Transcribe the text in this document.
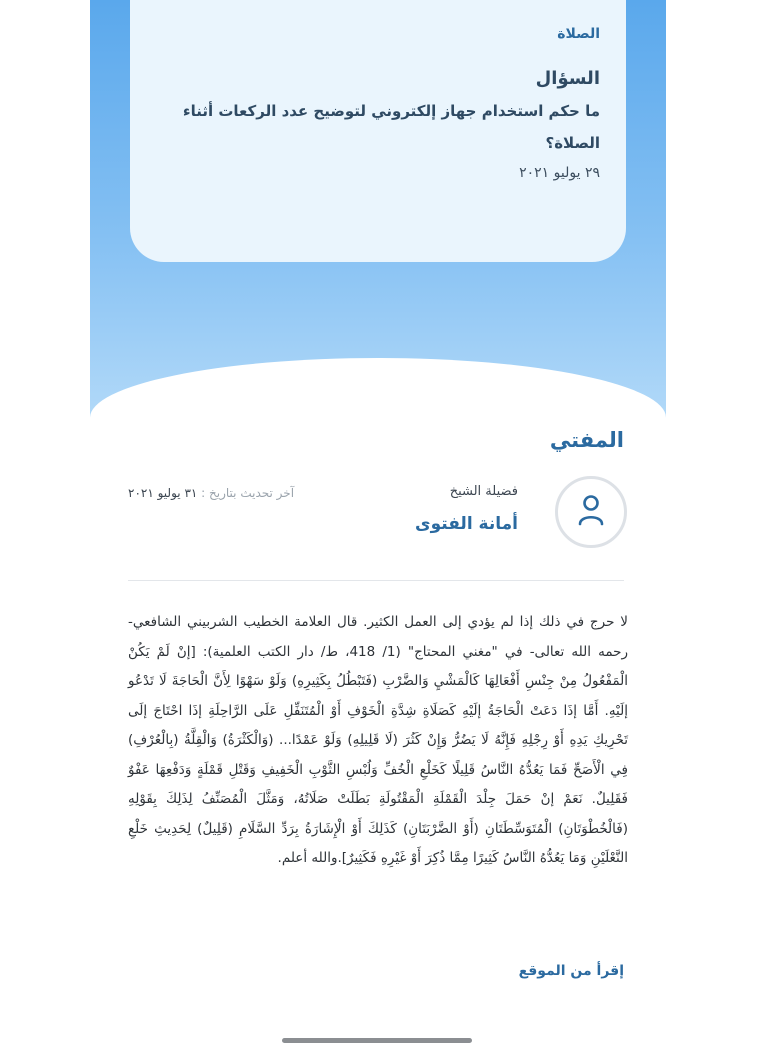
الصلاة
السؤال
ما حكم استخدام جهاز إلكتروني لتوضيح عدد الركعات أثناء الصلاة؟
٢٩ يوليو ٢٠٢١
المفتي
فضيلة الشيخ
أمانة الفتوى
آخر تحديث بتاريخ : ٣١ يوليو ٢٠٢١
لا حرج في ذلك إذا لم يؤدي إلى العمل الكثير. قال العلامة الخطيب الشربيني الشافعي-رحمه الله تعالى- في "مغني المحتاج" (1/ 418، ط/ دار الكتب العلمية): [إنْ لَمْ يَكُنْ الْمَفْعُولُ مِنْ جِنْسِ أَفْعَالِهَا كَالْمَشْيِ وَالضَّرْبِ (فَتَبْطُلُ بِكَثِيرِهِ) وَلَوْ سَهْوًا لِأَنَّ الْحَاجَةَ لَا تَدْعُو إلَيْهِ. أَمَّا إذَا دَعَتْ الْحَاجَةُ إلَيْهِ كَصَلَاةِ شِدَّةِ الْخَوْفِ أَوْ الْمُتَنَفِّلِ عَلَى الرَّاحِلَةِ إذَا احْتَاجَ إلَى تَحْرِيكِ يَدِهِ أَوْ رِجْلِهِ فَإِنَّهُ لَا يَضُرُّ وَإِنْ كَثُرَ (لَا قَلِيلِهِ) وَلَوْ عَمْدًا... (وَالْكَثْرَةُ) وَالْقِلَّةُ (بِالْعُرْفِ) فِي الْأَصَحِّ فَمَا يَعُدُّهُ النَّاسُ قَلِيلًا كَخَلْعِ الْخُفِّ وَلُبْسِ الثَّوْبِ الْخَفِيفِ وَقَتْلِ قَمْلَةٍ وَدَفْعِهَا عَفْوٌ فَقَلِيلٌ. نَعَمْ إنْ حَمَلَ جِلْدَ الْقَمْلَةِ الْمَقْتُولَةِ بَطَلَتْ صَلَاتُهُ، وَمَثَّلَ الْمُصَنِّفُ لِذَلِكَ بِقَوْلِهِ (فَالْخُطْوَتَانِ) الْمُتَوَسِّطَتَانِ (أَوْ الضَّرْبَتَانِ) كَذَلِكَ أَوْ الْإِشَارَةُ بِرَدِّ السَّلَامِ (قَلِيلٌ) لِحَدِيثِ خَلْعِ النَّعْلَيْنِ وَمَا يَعُدُّهُ النَّاسُ كَثِيرًا مِمَّا ذُكِرَ أَوْ غَيْرِهِ فَكَثِيرٌ].والله أعلم.
إقرأ من الموقع
